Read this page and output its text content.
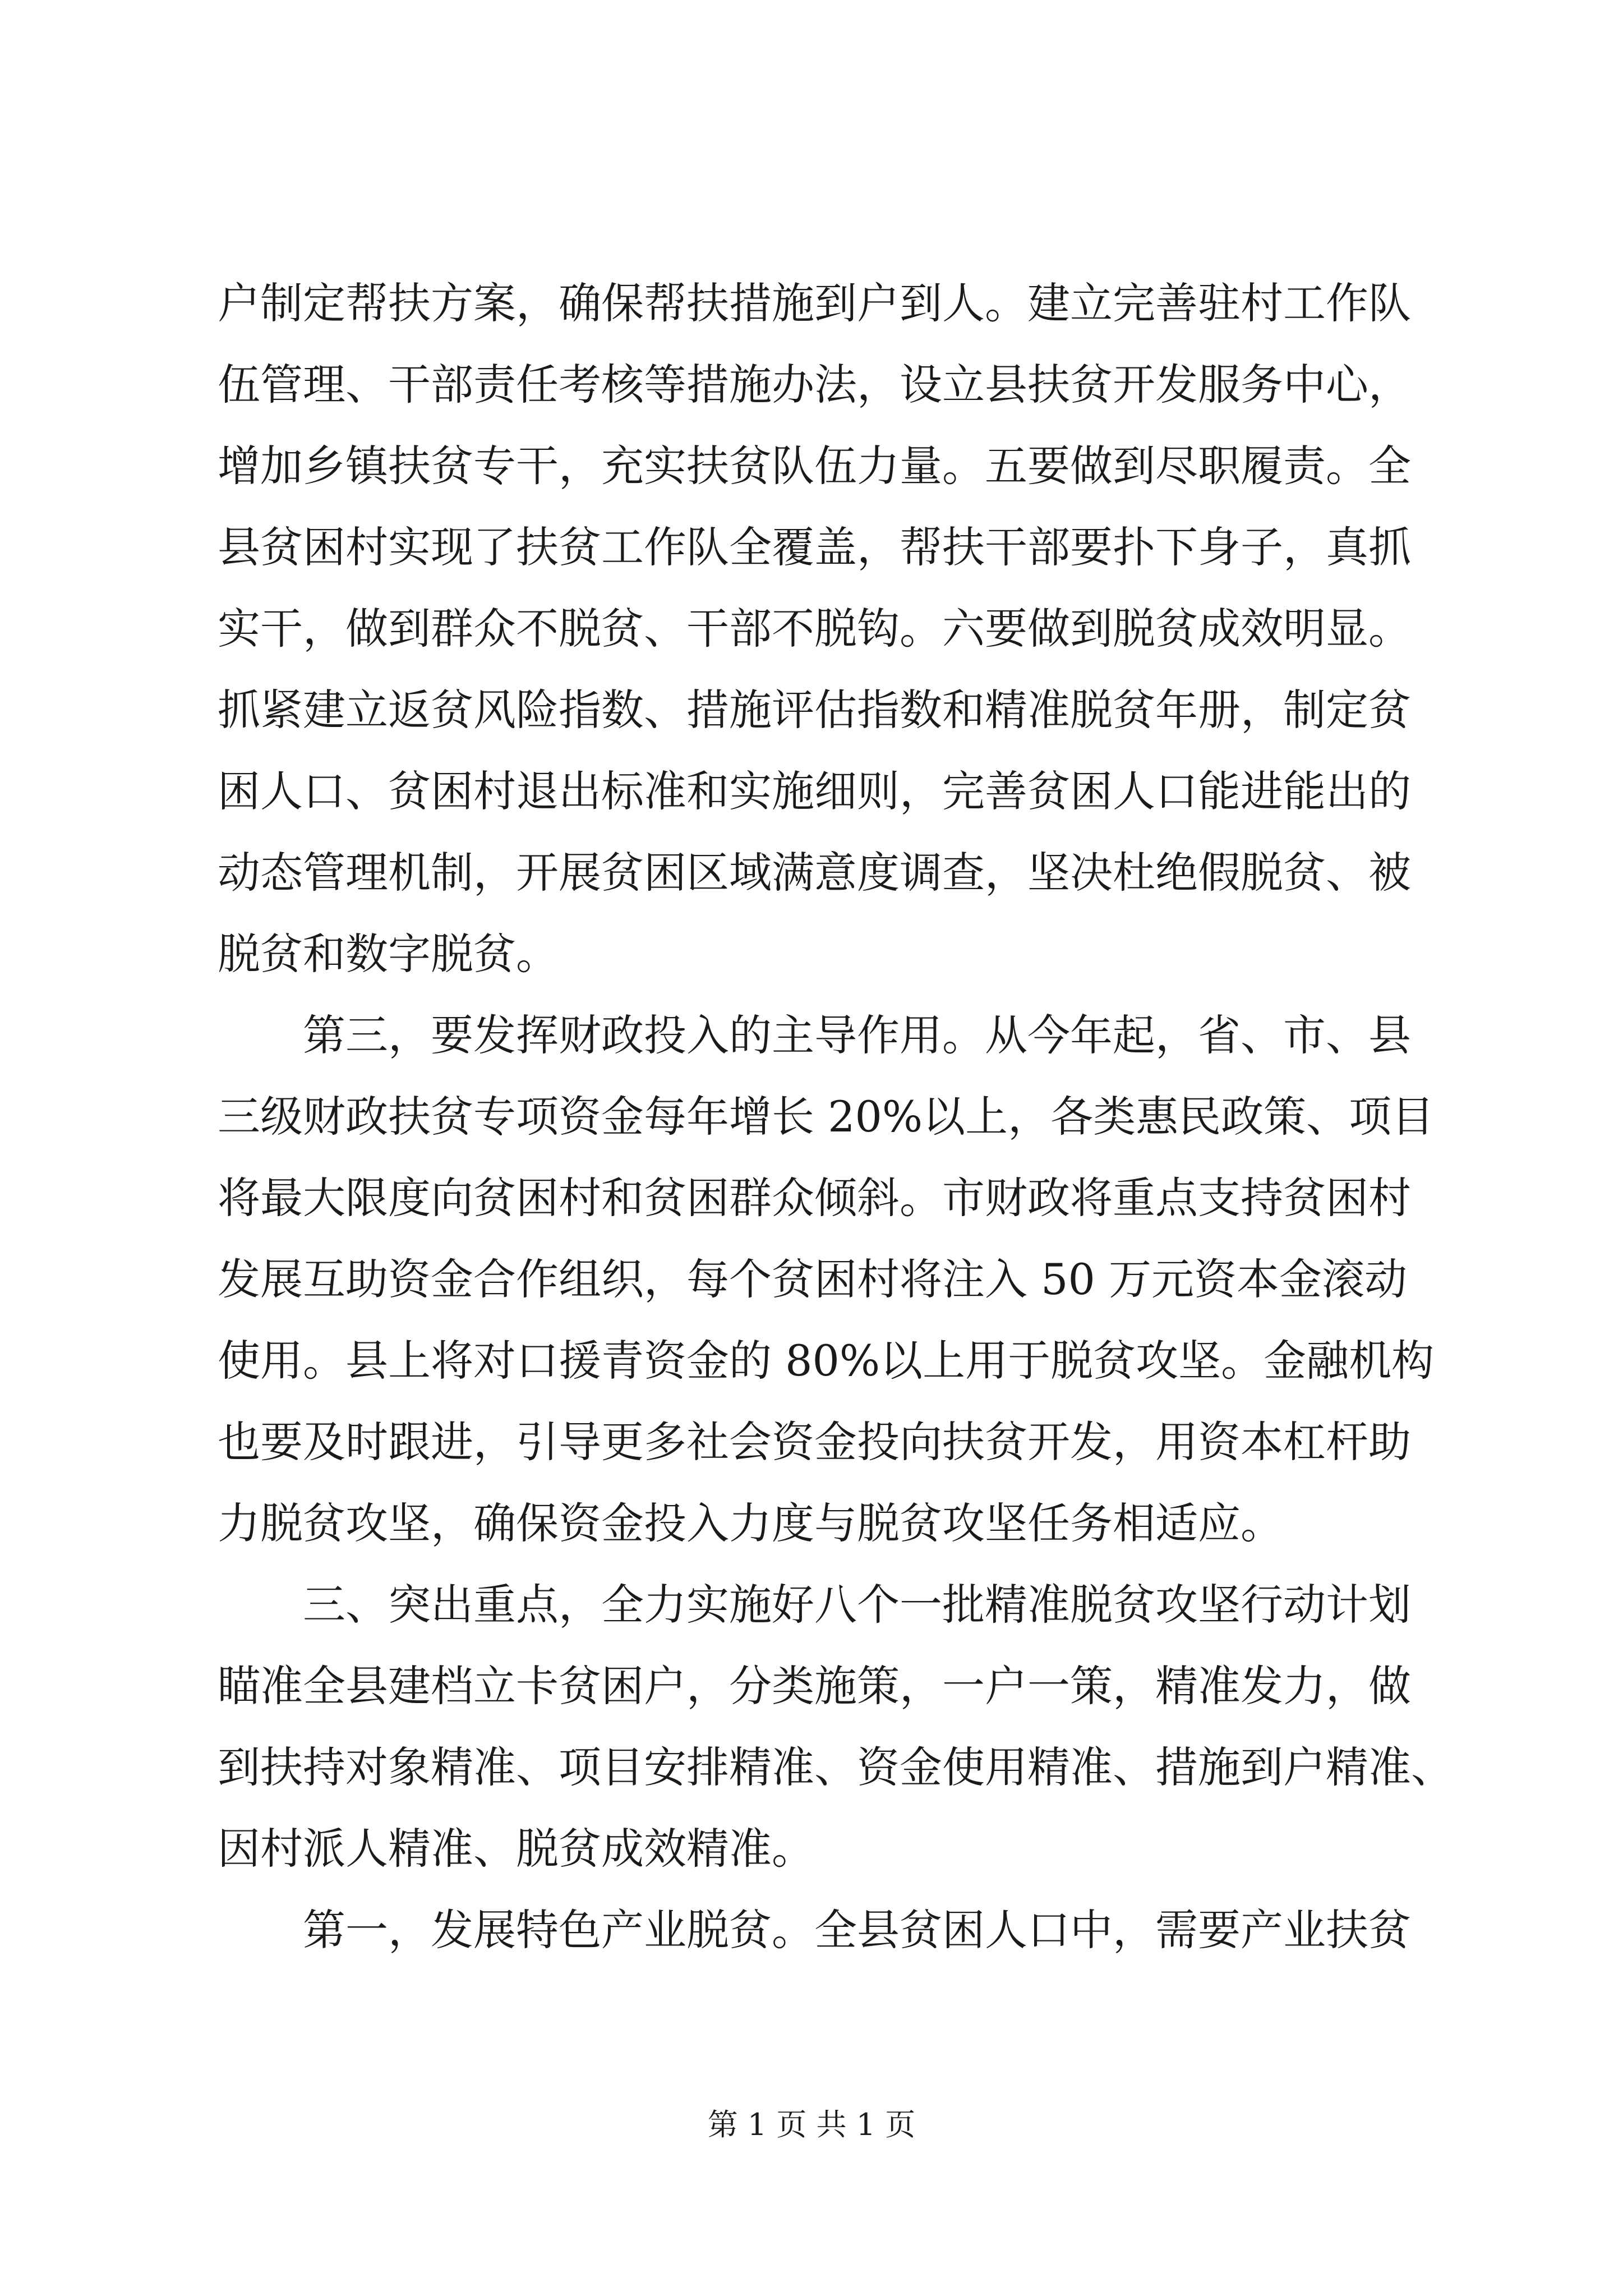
户制定帮扶方案，确保帮扶措施到户到人。建立完善驻村工作队
伍管理、干部责任考核等措施办法，设立县扶贫开发服务中心，
增加乡镇扶贫专干，充实扶贫队伍力量。五要做到尽职履责。全
县贫困村实现了扶贫工作队全覆盖，帮扶干部要扑下身子，真抓
实干，做到群众不脱贫、干部不脱钩。六要做到脱贫成效明显。
抓紧建立返贫风险指数、措施评估指数和精准脱贫年册，制定贫
困人口、贫困村退出标准和实施细则，完善贫困人口能进能出的
动态管理机制，开展贫困区域满意度调查，坚决杜绝假脱贫、被
脱贫和数字脱贫。
　　第三，要发挥财政投入的主导作用。从今年起，省、市、县
三级财政扶贫专项资金每年增长 20%以上，各类惠民政策、项目
将最大限度向贫困村和贫困群众倾斜。市财政将重点支持贫困村
发展互助资金合作组织，每个贫困村将注入 50 万元资本金滚动
使用。县上将对口援青资金的 80%以上用于脱贫攻坚。金融机构
也要及时跟进，引导更多社会资金投向扶贫开发，用资本杠杆助
力脱贫攻坚，确保资金投入力度与脱贫攻坚任务相适应。
　　三、突出重点，全力实施好八个一批精准脱贫攻坚行动计划
瞄准全县建档立卡贫困户，分类施策，一户一策，精准发力，做
到扶持对象精准、项目安排精准、资金使用精准、措施到户精准、
因村派人精准、脱贫成效精准。
　　第一，发展特色产业脱贫。全县贫困人口中，需要产业扶贫
第 1 页 共 1 页
